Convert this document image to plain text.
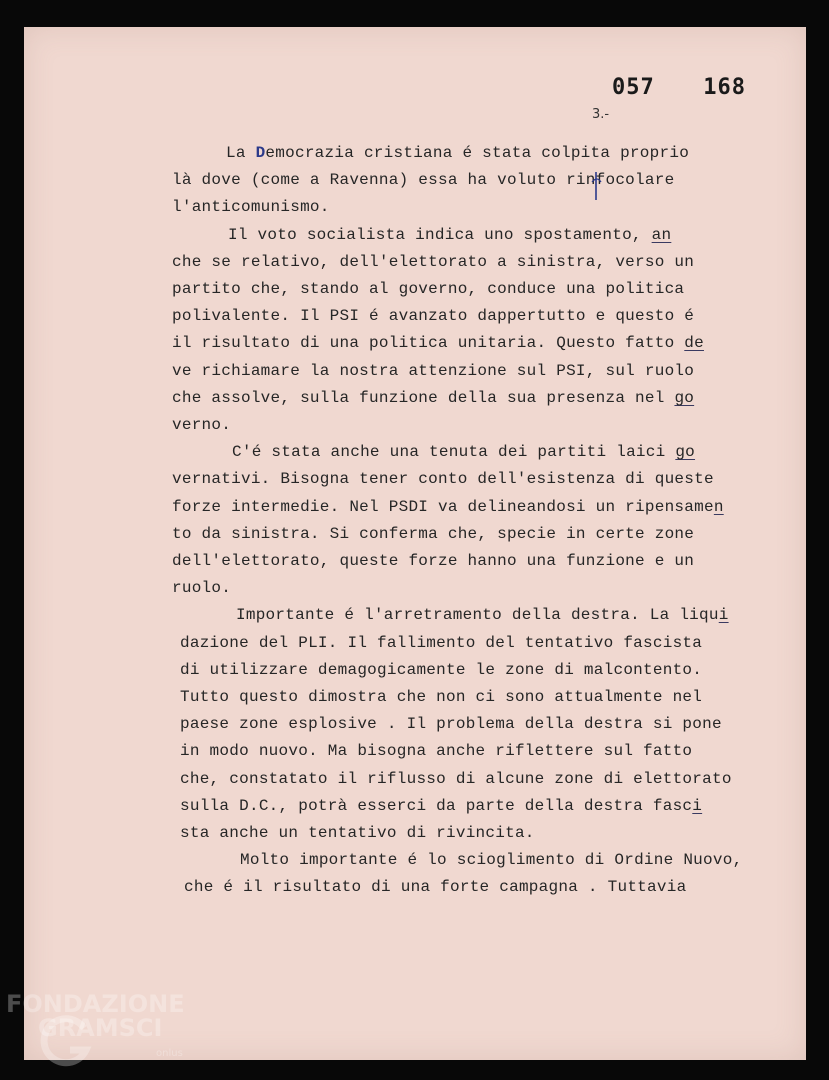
057  168
3.-
La Democrazia cristiana é stata colpita proprio
là dove (come a Ravenna) essa ha voluto rinfocolare
l'anticomunismo.
Il voto socialista indica uno spostamento, an
che se relativo, dell'elettorato a sinistra, verso un
partito che, stando al governo, conduce una politica
polivalente. Il PSI é avanzato dappertutto e questo é
il risultato di una politica unitaria. Questo fatto de
ve richiamare la nostra attenzione sul PSI, sul ruolo
che assolve, sulla funzione della sua presenza nel go
verno.
C'é stata anche una tenuta dei partiti laici go
vernativi. Bisogna tener conto dell'esistenza di queste
forze intermedie. Nel PSDI va delineandosi un ripensamen
to da sinistra. Si conferma che, specie in certe zone
dell'elettorato, queste forze hanno una funzione e un
ruolo.
Importante é l'arretramento della destra. La liqui
dazione del PLI. Il fallimento del tentativo fascista
di utilizzare demagogicamente le zone di malcontento.
Tutto questo dimostra che non ci sono attualmente nel
paese zone esplosive . Il problema della destra si pone
in modo nuovo. Ma bisogna anche riflettere sul fatto
che, constatato il riflusso di alcune zone di elettorato
sulla D.C., potrà esserci da parte della destra fasci
sta anche un tentativo di rivincita.
Molto importante é lo scioglimento di Ordine Nuovo,
che é il risultato di una forte campagna . Tuttavia
FONDAZIONE
GRAMSCI
onlus
